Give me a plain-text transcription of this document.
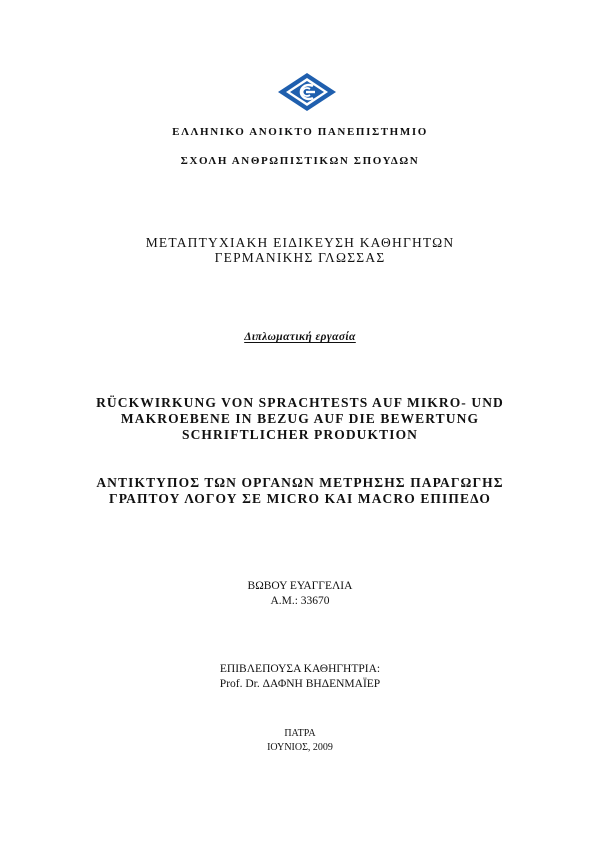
ΕΛΛΗΝΙΚΟ ΑΝΟΙΚΤΟ ΠΑΝΕΠΙΣΤΗΜΙΟ
ΣΧΟΛΗ ΑΝΘΡΩΠΙΣΤΙΚΩΝ ΣΠΟΥΔΩΝ
ΜΕΤΑΠΤΥΧΙΑΚΗ ΕΙΔΙΚΕΥΣΗ ΚΑΘΗΓΗΤΩΝ
ΓΕΡΜΑΝΙΚΗΣ ΓΛΩΣΣΑΣ
Διπλωματική εργασία
RÜCKWIRKUNG VON SPRACHTESTS AUF MIKRO- UND
MAKROEBENE IN BEZUG AUF DIE BEWERTUNG
SCHRIFTLICHER PRODUKTION
ΑΝΤΙΚΤΥΠΟΣ ΤΩΝ ΟΡΓΑΝΩΝ ΜΕΤΡΗΣΗΣ ΠΑΡΑΓΩΓΗΣ
ΓΡΑΠΤΟΥ ΛΟΓΟΥ ΣΕ MICRO ΚΑΙ MACRO ΕΠΙΠΕΔΟ
ΒΩΒΟΥ ΕΥΑΓΓΕΛΙΑ
Α.Μ.: 33670
ΕΠΙΒΛΕΠΟΥΣΑ ΚΑΘΗΓΗΤΡΙΑ:
Prof. Dr. ΔΑΦΝΗ ΒΗΔΕΝΜΑΪΕΡ
ΠΑΤΡΑ
ΙΟΥΝΙΟΣ, 2009
